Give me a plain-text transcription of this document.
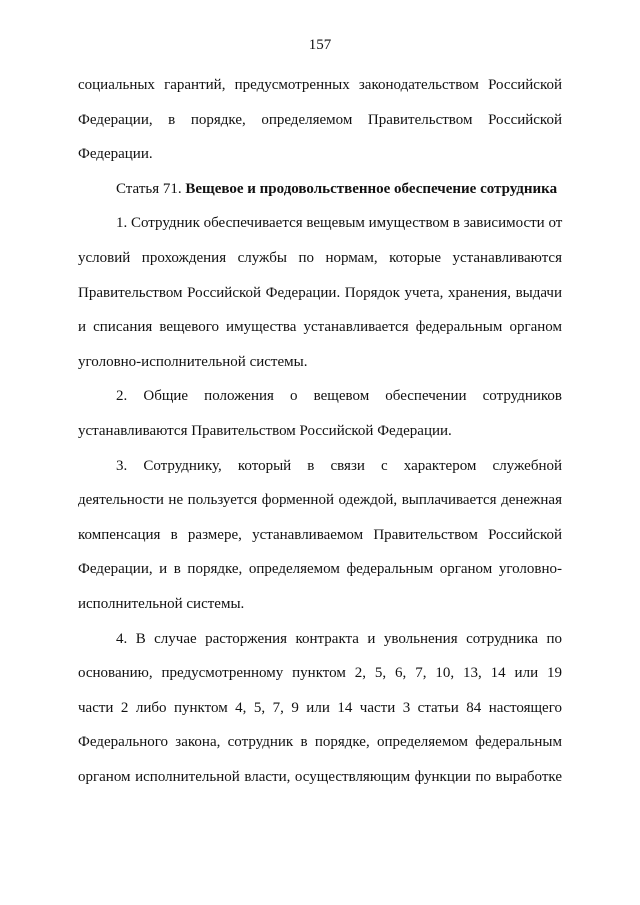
157
социальных гарантий, предусмотренных законодательством Российской
Федерации, в порядке, определяемом Правительством Российской
Федерации.
Статья 71. Вещевое и продовольственное обеспечение сотрудника
1. Сотрудник обеспечивается вещевым имуществом в зависимости от
условий прохождения службы по нормам, которые устанавливаются
Правительством Российской Федерации. Порядок учета, хранения, выдачи
и списания вещевого имущества устанавливается федеральным органом
уголовно-исполнительной системы.
2. Общие положения о вещевом обеспечении сотрудников
устанавливаются Правительством Российской Федерации.
3. Сотруднику, который в связи с характером служебной
деятельности не пользуется форменной одеждой, выплачивается денежная
компенсация в размере, устанавливаемом Правительством Российской
Федерации, и в порядке, определяемом федеральным органом уголовно-
исполнительной системы.
4. В случае расторжения контракта и увольнения сотрудника по
основанию, предусмотренному пунктом 2, 5, 6, 7, 10, 13, 14 или 19
части 2 либо пунктом 4, 5, 7, 9 или 14 части 3 статьи 84 настоящего
Федерального закона, сотрудник в порядке, определяемом федеральным
органом исполнительной власти, осуществляющим функции по выработке
